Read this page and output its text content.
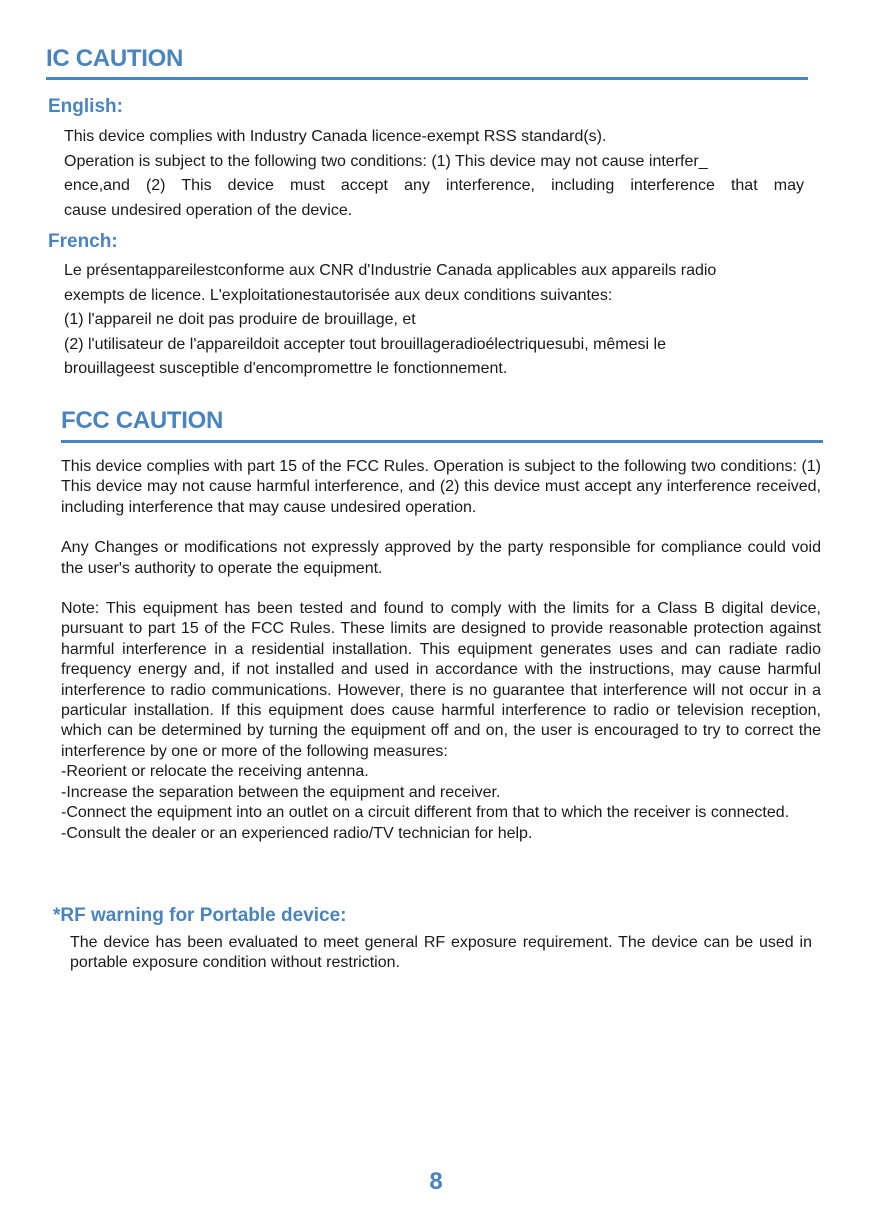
IC CAUTION
English:

This device complies with Industry Canada licence-exempt RSS standard(s).

Operation is subject to the following two conditions: (1) This device may not cause interfer_

ence,and (2) This device must accept any interference, including interference that may

cause undesired operation of the device.

French:

Le présentappareilestconforme aux CNR d'Industrie Canada applicables aux appareils radio

exempts de licence. L'exploitationestautorisée aux deux conditions suivantes:

(1) l'appareil ne doit pas produire de brouillage, et

(2) l'utilisateur de l'appareildoit accepter tout brouillageradioélectriquesubi, mêmesi le

brouillageest susceptible d'encompromettre le fonctionnement.

FCC CAUTION

This device complies with part 15 of the FCC Rules. Operation is subject to the following two conditions: (1) This device may not cause harmful interference, and (2) this device must accept any interference received, including interference that may cause undesired operation.

Any Changes or modifications not expressly approved by the party responsible for compliance could void the user's authority to operate the equipment.

Note: This equipment has been tested and found to comply with the limits for a Class B digital device, pursuant to part 15 of the FCC Rules. These limits are designed to provide reasonable protection against harmful interference in a residential installation. This equipment generates uses and can radiate radio frequency energy and, if not installed and used in accordance with the instructions, may cause harmful interference to radio communications. However, there is no guarantee that interference will not occur in a particular installation. If this equipment does cause harmful interference to radio or television reception, which can be determined by turning the equipment off and on, the user is encouraged to try to correct the interference by one or more of the following measures:

-Reorient or relocate the receiving antenna.

-Increase the separation between the equipment and receiver.

-Connect the equipment into an outlet on a circuit different from that to which the receiver is connected.

-Consult the dealer or an experienced radio/TV technician for help.

*RF warning for Portable device:

The device has been evaluated to meet general RF exposure requirement. The device can be used in portable exposure condition without restriction.

8
